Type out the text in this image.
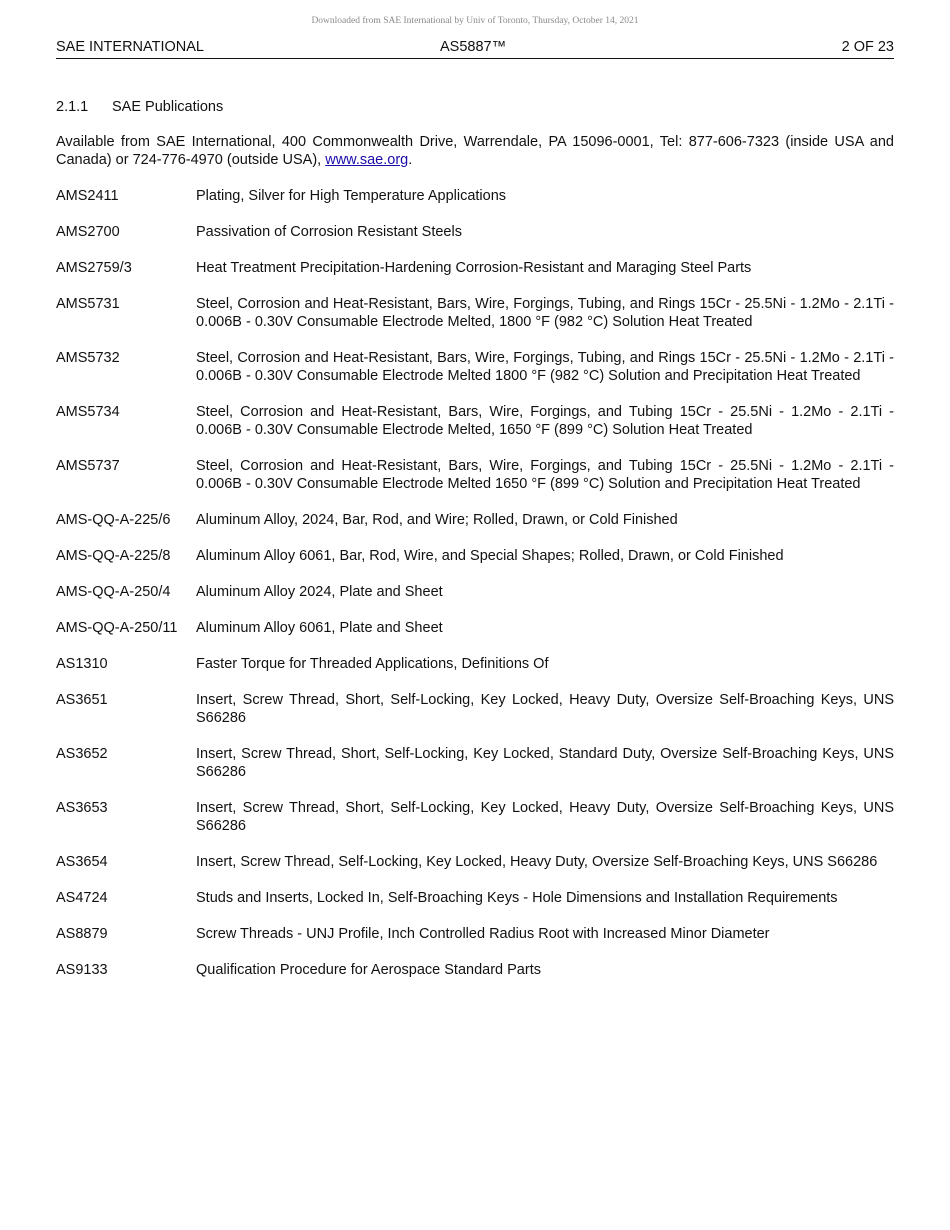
Downloaded from SAE International by Univ of Toronto, Thursday, October 14, 2021
SAE INTERNATIONAL	AS5887™	2 OF 23
2.1.1 SAE Publications

Available from SAE International, 400 Commonwealth Drive, Warrendale, PA 15096-0001, Tel: 877-606-7323 (inside USA and Canada) or 724-776-4970 (outside USA), www.sae.org.

AMS2411	Plating, Silver for High Temperature Applications
AMS2700	Passivation of Corrosion Resistant Steels
AMS2759/3	Heat Treatment Precipitation-Hardening Corrosion-Resistant and Maraging Steel Parts
AMS5731	Steel, Corrosion and Heat-Resistant, Bars, Wire, Forgings, Tubing, and Rings 15Cr - 25.5Ni - 1.2Mo - 2.1Ti - 0.006B - 0.30V Consumable Electrode Melted, 1800 °F (982 °C) Solution Heat Treated
AMS5732	Steel, Corrosion and Heat-Resistant, Bars, Wire, Forgings, Tubing, and Rings 15Cr - 25.5Ni - 1.2Mo - 2.1Ti - 0.006B - 0.30V Consumable Electrode Melted 1800 °F (982 °C) Solution and Precipitation Heat Treated
AMS5734	Steel, Corrosion and Heat-Resistant, Bars, Wire, Forgings, and Tubing 15Cr - 25.5Ni - 1.2Mo - 2.1Ti - 0.006B - 0.30V Consumable Electrode Melted, 1650 °F (899 °C) Solution Heat Treated
AMS5737	Steel, Corrosion and Heat-Resistant, Bars, Wire, Forgings, and Tubing 15Cr - 25.5Ni - 1.2Mo - 2.1Ti - 0.006B - 0.30V Consumable Electrode Melted 1650 °F (899 °C) Solution and Precipitation Heat Treated
AMS-QQ-A-225/6	Aluminum Alloy, 2024, Bar, Rod, and Wire; Rolled, Drawn, or Cold Finished
AMS-QQ-A-225/8	Aluminum Alloy 6061, Bar, Rod, Wire, and Special Shapes; Rolled, Drawn, or Cold Finished
AMS-QQ-A-250/4	Aluminum Alloy 2024, Plate and Sheet
AMS-QQ-A-250/11	Aluminum Alloy 6061, Plate and Sheet
AS1310	Faster Torque for Threaded Applications, Definitions Of
AS3651	Insert, Screw Thread, Short, Self-Locking, Key Locked, Heavy Duty, Oversize Self-Broaching Keys, UNS S66286
AS3652	Insert, Screw Thread, Short, Self-Locking, Key Locked, Standard Duty, Oversize Self-Broaching Keys, UNS S66286
AS3653	Insert, Screw Thread, Short, Self-Locking, Key Locked, Heavy Duty, Oversize Self-Broaching Keys, UNS S66286
AS3654	Insert, Screw Thread, Self-Locking, Key Locked, Heavy Duty, Oversize Self-Broaching Keys, UNS S66286
AS4724	Studs and Inserts, Locked In, Self-Broaching Keys - Hole Dimensions and Installation Requirements
AS8879	Screw Threads - UNJ Profile, Inch Controlled Radius Root with Increased Minor Diameter
AS9133	Qualification Procedure for Aerospace Standard Parts
